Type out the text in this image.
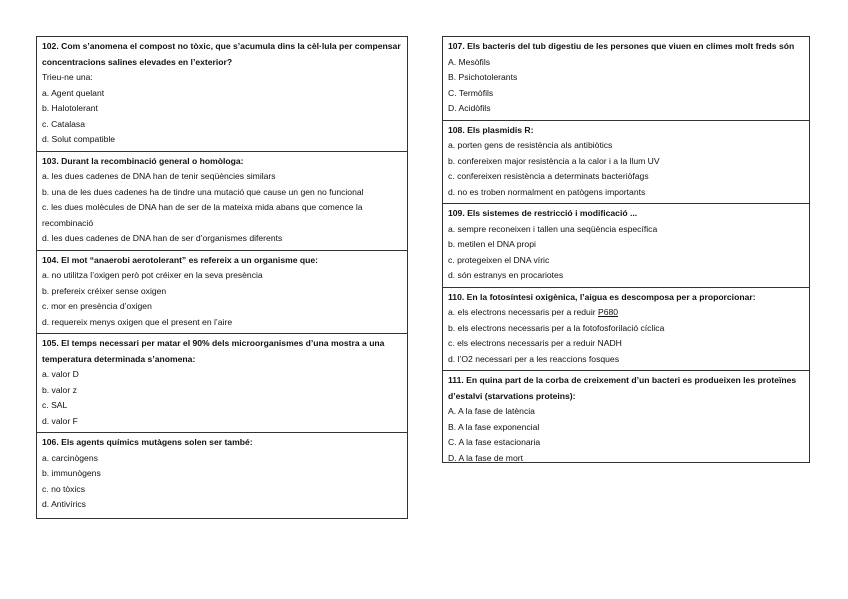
102. Com s’anomena el compost no tòxic, que s’acumula dins la cèl·lula per compensar concentracions salines elevades en l’exterior?

Trieu-ne una:

a. Agent quelant

b. Halotolerant

c. Catalasa

d. Solut compatible

103. Durant la recombinació general o homòloga:

a. les dues cadenes de DNA han de tenir seqüències similars

b. una de les dues cadenes ha de tindre una mutació que cause un gen no funcional

c. les dues molècules de DNA han de ser de la mateixa mida abans que comence la recombinació

d. les dues cadenes de DNA han de ser d’organismes diferents

104. El mot “anaerobi aerotolerant” es refereix a un organisme que:

a. no utilitza l’oxigen però pot créixer en la seva presència

b. prefereix créixer sense oxigen

c. mor en presència d’oxigen

d. requereix menys oxigen que el present en l’aire

105. El temps necessari per matar el 90% dels microorganismes d’una mostra a una temperatura determinada s’anomena:

a. valor D

b. valor z

c. SAL

d. valor F

106. Els agents químics mutàgens solen ser també:

a. carcinògens

b. immunògens

c. no tòxics

d. Antivírics

107. Els bacteris del tub digestiu de les persones que viuen en climes molt freds són

A. Mesòfils

B. Psichotolerants

C. Termòfils

D. Acidòfils

108. Els plasmidis R:

a. porten gens de resistència als antibiòtics

b. confereixen major resistència a la calor i a la llum UV

c. confereixen resistència a determinats bacteriòfags

d. no es troben normalment en patògens importants

109. Els sistemes de restricció i modificació ...

a. sempre reconeixen i tallen una seqüència específica

b. metilen el DNA propi

c. protegeixen el DNA víric

d. són estranys en procariotes

110. En la fotosíntesi oxigènica, l’aigua es descomposa per a proporcionar:

a. els electrons necessaris per a reduir P680

b. els electrons necessaris per a la fotofosforilació cíclica

c. els electrons necessaris per a reduir NADH

d. l’O2 necessari per a les reaccions fosques

111. En quina part de la corba de creixement d’un bacteri es produeixen les proteïnes d’estalvi (starvations proteins):

A. A la fase de latència

B. A la fase exponencial

C. A la fase estacionaria

D. A la fase de mort
